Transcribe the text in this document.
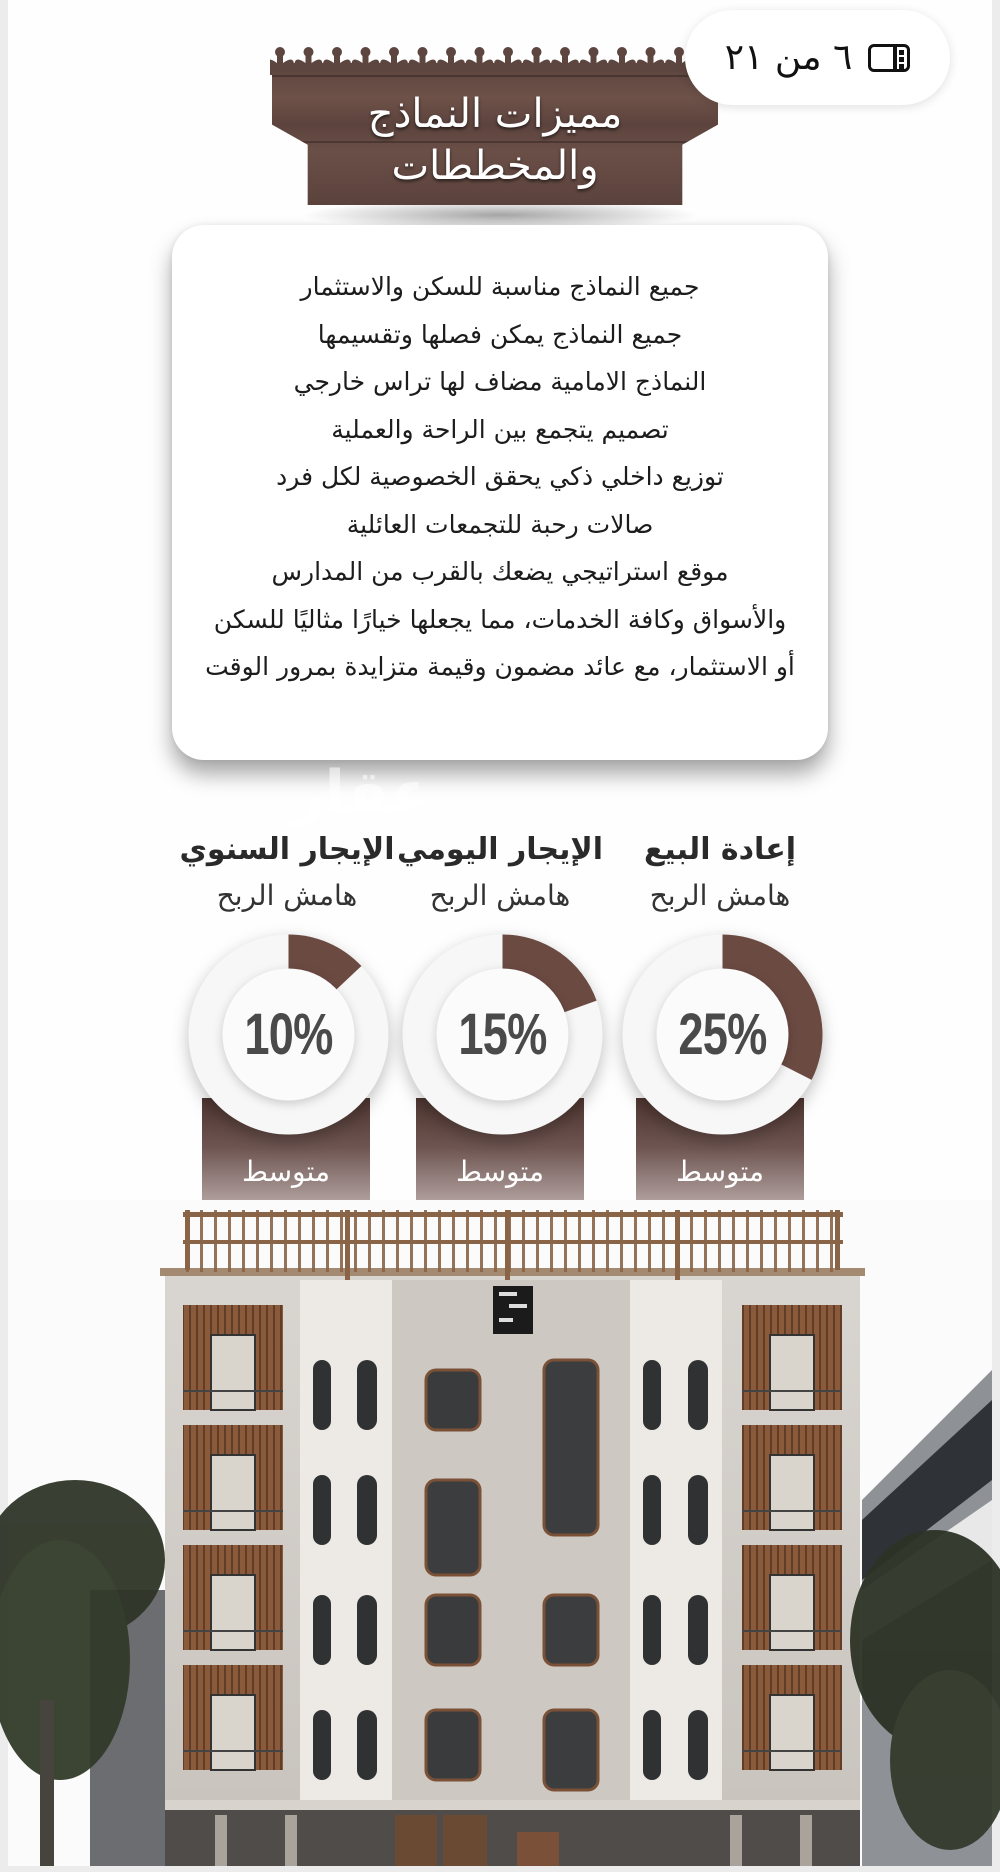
٦ من ٢١
مميزات النماذج
والمخططات
جميع النماذج مناسبة للسكن والاستثمار
جميع النماذج يمكن فصلها وتقسيمها
النماذج الامامية مضاف لها تراس خارجي
تصميم يتجمع بين الراحة والعملية
توزيع داخلي ذكي يحقق الخصوصية لكل فرد
صالات رحبة للتجمعات العائلية
موقع استراتيجي يضعك بالقرب من المدارس
والأسواق وكافة الخدمات، مما يجعلها خيارًا مثاليًا للسكن
أو الاستثمار، مع عائد مضمون وقيمة متزايدة بمرور الوقت
إعادة البيع
هامش الربح
الإيجار اليومي
هامش الربح
الإيجار السنوي
هامش الربح
متوسط
متوسط
متوسط
25%
15%
10%
عقار
